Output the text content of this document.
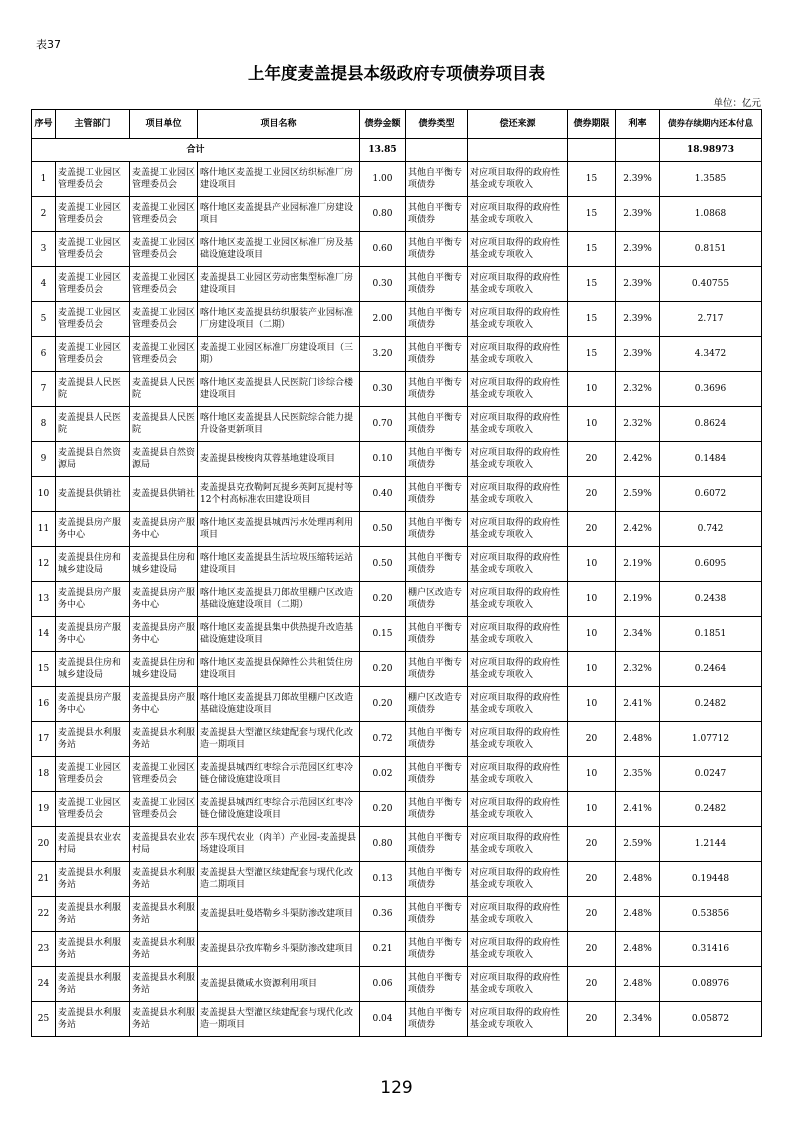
表37
上年度麦盖提县本级政府专项债券项目表
单位：亿元
序号	主管部门	项目单位	项目名称	债券金额	债券类型	偿还来源	债券期限	利率	债券存续期内还本付息
合计				13.85					18.98973
1	麦盖提工业园区管理委员会	麦盖提工业园区管理委员会	喀什地区麦盖提工业园区纺织标准厂房建设项目	1.00	其他自平衡专项债券	对应项目取得的政府性基金或专项收入	15	2.39%	1.3585
2	麦盖提工业园区管理委员会	麦盖提工业园区管理委员会	喀什地区麦盖提县产业园标准厂房建设项目	0.80	其他自平衡专项债券	对应项目取得的政府性基金或专项收入	15	2.39%	1.0868
3	麦盖提工业园区管理委员会	麦盖提工业园区管理委员会	喀什地区麦盖提工业园区标准厂房及基础设施建设项目	0.60	其他自平衡专项债券	对应项目取得的政府性基金或专项收入	15	2.39%	0.8151
4	麦盖提工业园区管理委员会	麦盖提工业园区管理委员会	麦盖提县工业园区劳动密集型标准厂房建设项目	0.30	其他自平衡专项债券	对应项目取得的政府性基金或专项收入	15	2.39%	0.40755
5	麦盖提工业园区管理委员会	麦盖提工业园区管理委员会	喀什地区麦盖提县纺织服装产业园标准厂房建设项目（二期）	2.00	其他自平衡专项债券	对应项目取得的政府性基金或专项收入	15	2.39%	2.717
6	麦盖提工业园区管理委员会	麦盖提工业园区管理委员会	麦盖提工业园区标准厂房建设项目（三期）	3.20	其他自平衡专项债券	对应项目取得的政府性基金或专项收入	15	2.39%	4.3472
7	麦盖提县人民医院	麦盖提县人民医院	喀什地区麦盖提县人民医院门诊综合楼建设项目	0.30	其他自平衡专项债券	对应项目取得的政府性基金或专项收入	10	2.32%	0.3696
8	麦盖提县人民医院	麦盖提县人民医院	喀什地区麦盖提县人民医院综合能力提升设备更新项目	0.70	其他自平衡专项债券	对应项目取得的政府性基金或专项收入	10	2.32%	0.8624
9	麦盖提县自然资源局	麦盖提县自然资源局	麦盖提县梭梭肉苁蓉基地建设项目	0.10	其他自平衡专项债券	对应项目取得的政府性基金或专项收入	20	2.42%	0.1484
10	麦盖提县供销社	麦盖提县供销社	麦盖提县克孜勒阿瓦提乡英阿瓦提村等12个村高标准农田建设项目	0.40	其他自平衡专项债券	对应项目取得的政府性基金或专项收入	20	2.59%	0.6072
11	麦盖提县房产服务中心	麦盖提县房产服务中心	喀什地区麦盖提县城西污水处理再利用项目	0.50	其他自平衡专项债券	对应项目取得的政府性基金或专项收入	20	2.42%	0.742
12	麦盖提县住房和城乡建设局	麦盖提县住房和城乡建设局	喀什地区麦盖提县生活垃圾压缩转运站建设项目	0.50	其他自平衡专项债券	对应项目取得的政府性基金或专项收入	10	2.19%	0.6095
13	麦盖提县房产服务中心	麦盖提县房产服务中心	喀什地区麦盖提县刀郎故里棚户区改造基础设施建设项目（二期）	0.20	棚户区改造专项债券	对应项目取得的政府性基金或专项收入	10	2.19%	0.2438
14	麦盖提县房产服务中心	麦盖提县房产服务中心	喀什地区麦盖提县集中供热提升改造基础设施建设项目	0.15	其他自平衡专项债券	对应项目取得的政府性基金或专项收入	10	2.34%	0.1851
15	麦盖提县住房和城乡建设局	麦盖提县住房和城乡建设局	喀什地区麦盖提县保障性公共租赁住房建设项目	0.20	其他自平衡专项债券	对应项目取得的政府性基金或专项收入	10	2.32%	0.2464
16	麦盖提县房产服务中心	麦盖提县房产服务中心	喀什地区麦盖提县刀郎故里棚户区改造基础设施建设项目	0.20	棚户区改造专项债券	对应项目取得的政府性基金或专项收入	10	2.41%	0.2482
17	麦盖提县水利服务站	麦盖提县水利服务站	麦盖提县大型灌区续建配套与现代化改造一期项目	0.72	其他自平衡专项债券	对应项目取得的政府性基金或专项收入	20	2.48%	1.07712
18	麦盖提工业园区管理委员会	麦盖提工业园区管理委员会	麦盖提县城西红枣综合示范园区红枣冷链仓储设施建设项目	0.02	其他自平衡专项债券	对应项目取得的政府性基金或专项收入	10	2.35%	0.0247
19	麦盖提工业园区管理委员会	麦盖提工业园区管理委员会	麦盖提县城西红枣综合示范园区红枣冷链仓储设施建设项目	0.20	其他自平衡专项债券	对应项目取得的政府性基金或专项收入	10	2.41%	0.2482
20	麦盖提县农业农村局	麦盖提县农业农村局	莎车现代农业（肉羊）产业园-麦盖提县场建设项目	0.80	其他自平衡专项债券	对应项目取得的政府性基金或专项收入	20	2.59%	1.2144
21	麦盖提县水利服务站	麦盖提县水利服务站	麦盖提县大型灌区续建配套与现代化改造二期项目	0.13	其他自平衡专项债券	对应项目取得的政府性基金或专项收入	20	2.48%	0.19448
22	麦盖提县水利服务站	麦盖提县水利服务站	麦盖提县吐曼塔勒乡斗渠防渗改建项目	0.36	其他自平衡专项债券	对应项目取得的政府性基金或专项收入	20	2.48%	0.53856
23	麦盖提县水利服务站	麦盖提县水利服务站	麦盖提县尕孜库勒乡斗渠防渗改建项目	0.21	其他自平衡专项债券	对应项目取得的政府性基金或专项收入	20	2.48%	0.31416
24	麦盖提县水利服务站	麦盖提县水利服务站	麦盖提县微咸水资源利用项目	0.06	其他自平衡专项债券	对应项目取得的政府性基金或专项收入	20	2.48%	0.08976
25	麦盖提县水利服务站	麦盖提县水利服务站	麦盖提县大型灌区续建配套与现代化改造一期项目	0.04	其他自平衡专项债券	对应项目取得的政府性基金或专项收入	20	2.34%	0.05872
129
